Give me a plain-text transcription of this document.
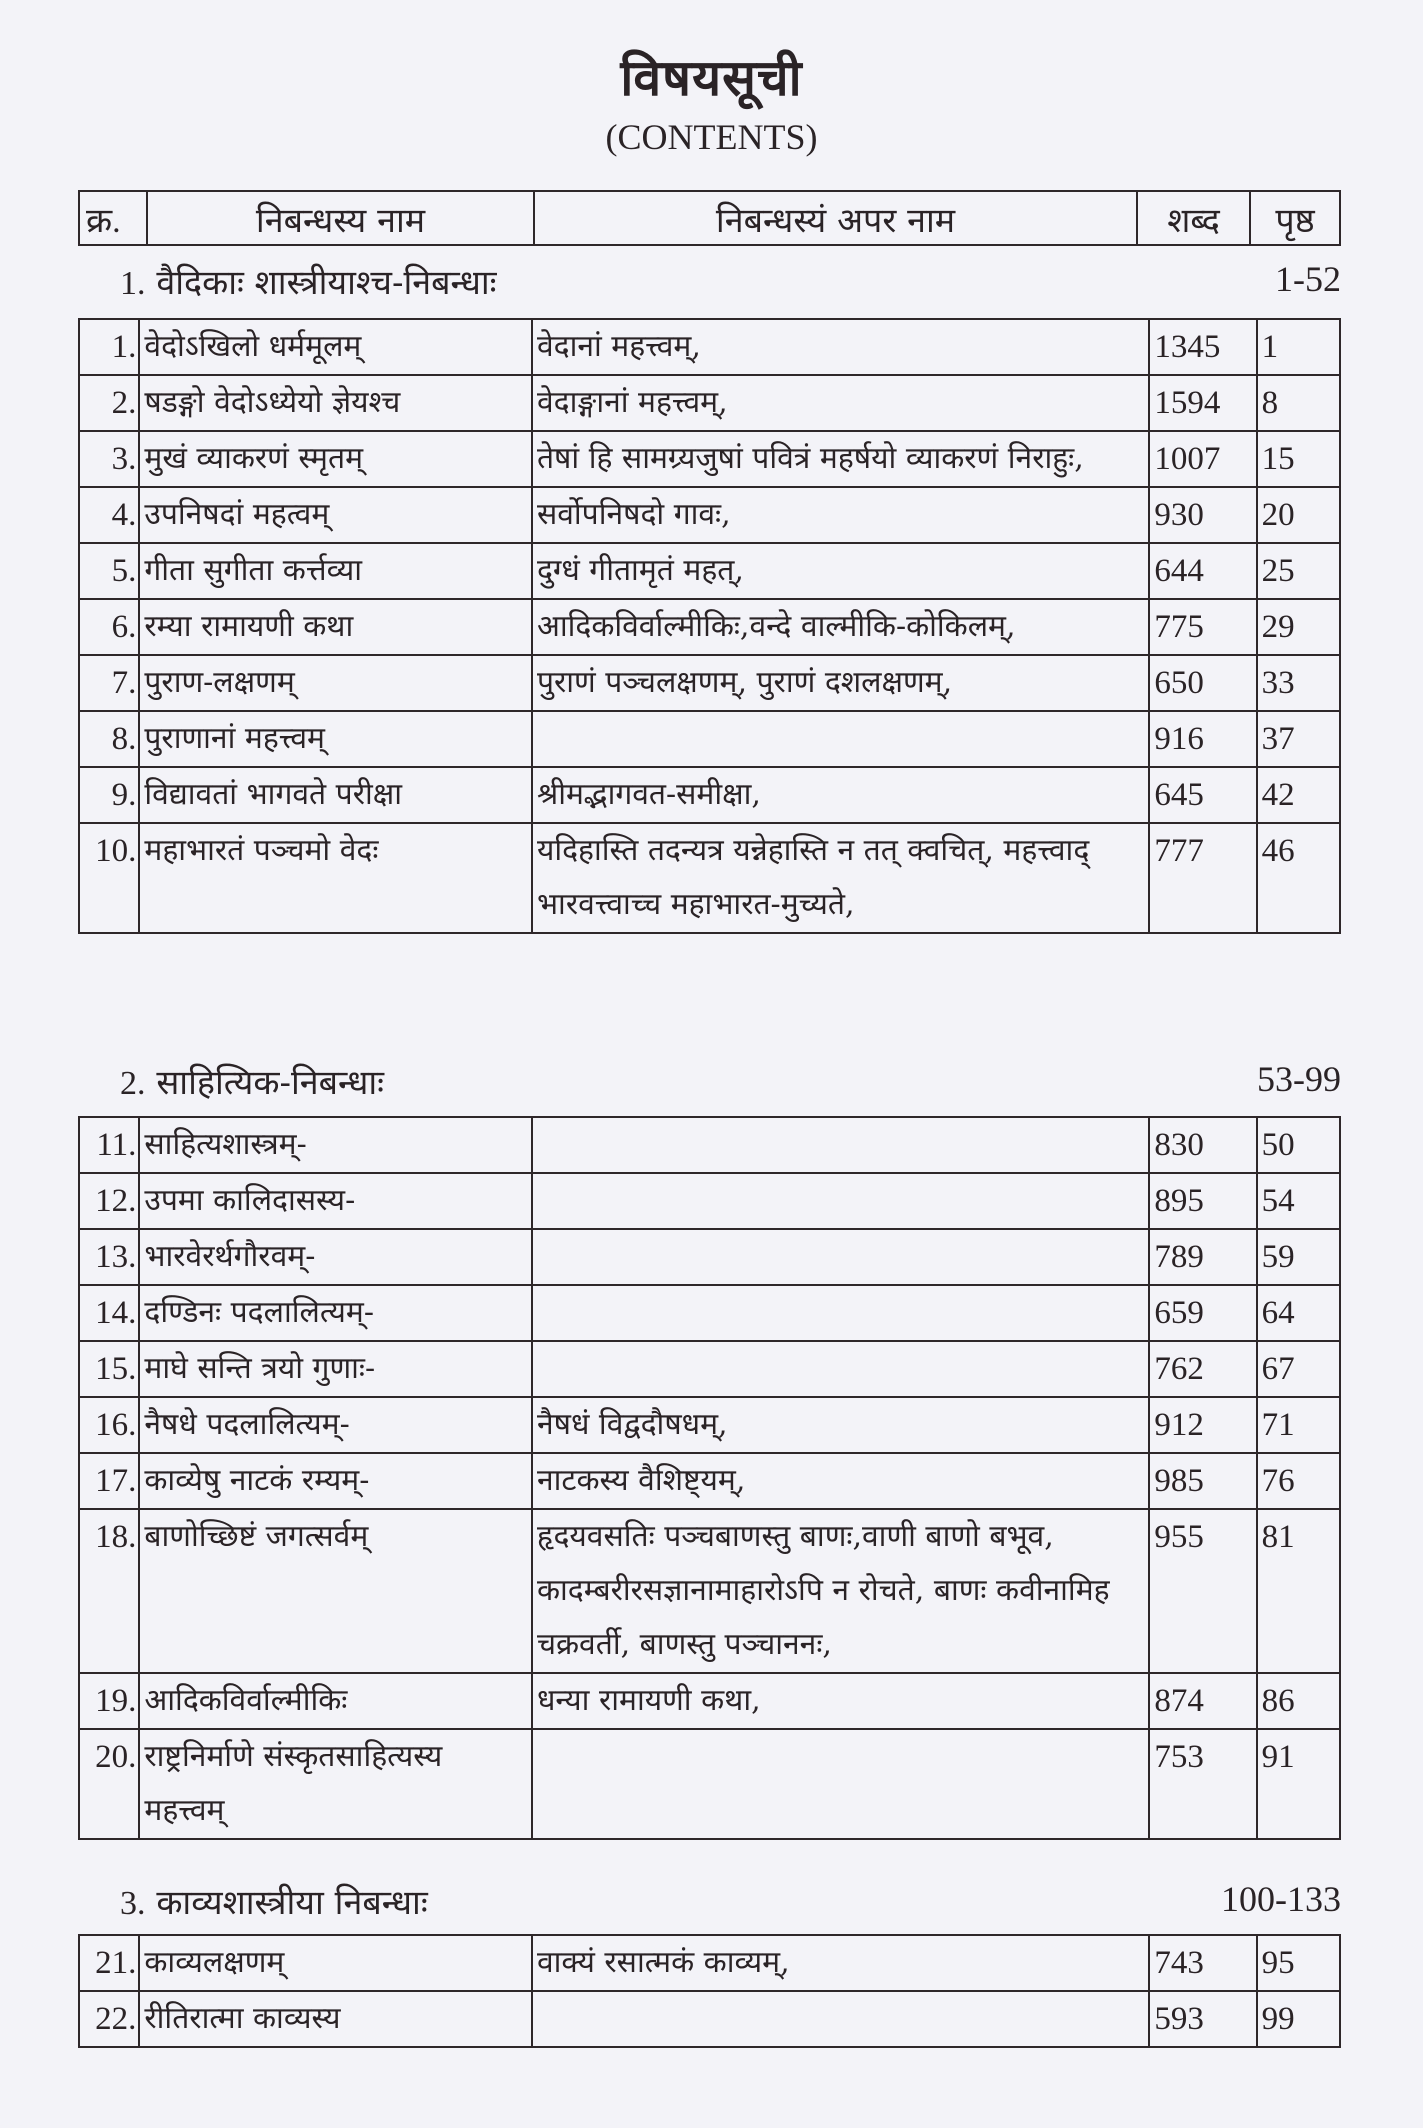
विषयसूची
(CONTENTS)
क्र.	निबन्धस्य नाम	निबन्धस्यं अपर नाम	शब्द	पृष्ठ
1. वैदिकाः शास्त्रीयाश्च-निबन्धाः	1-52
1.	वेदोऽखिलो धर्ममूलम्	वेदानां महत्त्वम्,	1345	1
2.	षडङ्गो वेदोऽध्येयो ज्ञेयश्च	वेदाङ्गानां महत्त्वम्,	1594	8
3.	मुखं व्याकरणं स्मृतम्	तेषां हि सामग्र्यजुषां पवित्रं महर्षयो व्याकरणं निराहुः,	1007	15
4.	उपनिषदां महत्वम्	सर्वोपनिषदो गावः,	930	20
5.	गीता सुगीता कर्त्तव्या	दुग्धं गीतामृतं महत्,	644	25
6.	रम्या रामायणी कथा	आदिकविर्वाल्मीकिः,वन्दे वाल्मीकि-कोकिलम्,	775	29
7.	पुराण-लक्षणम्	पुराणं पञ्चलक्षणम्, पुराणं दशलक्षणम्,	650	33
8.	पुराणानां महत्त्वम्		916	37
9.	विद्यावतां भागवते परीक्षा	श्रीमद्भागवत-समीक्षा,	645	42
10.	महाभारतं पञ्चमो वेदः	यदिहास्ति तदन्यत्र यन्नेहास्ति न तत् क्वचित्, महत्त्वाद् भारवत्त्वाच्च महाभारत-मुच्यते,	777	46
2. साहित्यिक-निबन्धाः	53-99
11.	साहित्यशास्त्रम्-		830	50
12.	उपमा कालिदासस्य-		895	54
13.	भारवेरर्थगौरवम्-		789	59
14.	दण्डिनः पदलालित्यम्-		659	64
15.	माघे सन्ति त्रयो गुणाः-		762	67
16.	नैषधे पदलालित्यम्-	नैषधं विद्वदौषधम्,	912	71
17.	काव्येषु नाटकं रम्यम्-	नाटकस्य वैशिष्ट्यम्,	985	76
18.	बाणोच्छिष्टं जगत्सर्वम्	हृदयवसतिः पञ्चबाणस्तु बाणः,वाणी बाणो बभूव, कादम्बरीरसज्ञानामाहारोऽपि न रोचते, बाणः कवीनामिह चक्रवर्ती, बाणस्तु पञ्चाननः,	955	81
19.	आदिकविर्वाल्मीकिः	धन्या रामायणी कथा,	874	86
20.	राष्ट्रनिर्माणे संस्कृतसाहित्यस्य महत्त्वम्		753	91
3. काव्यशास्त्रीया निबन्धाः	100-133
21.	काव्यलक्षणम्	वाक्यं रसात्मकं काव्यम्,	743	95
22.	रीतिरात्मा काव्यस्य		593	99
